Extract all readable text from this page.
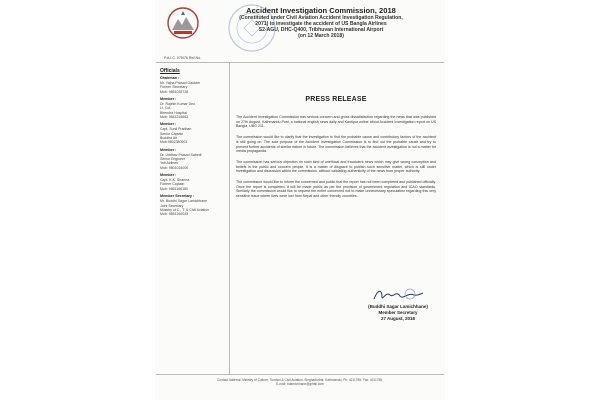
Accident Investigation Commission, 2018
(Constituted under Civil Aviation Accident Investigation Regulation,
2071) to investigate the accident of US Bangla Airlines
S2-AGU, DHC-Q400, Tribhuvan International Airport
(on 12 March 2018)
P.A.I.C. 075/76 Ref.No.
Officials
Chairman :
Mr. Yajna Prasad Gautam
Former Secretary
Mob: 9851033728
Member :
Dr. Rajesh Kumar Deo
Lt. Col.
Birendra Hospital
Mob: 9841216663
Member :
Capt. Sunil Pradhan
Senior Captain
Buddha Air
Mob.9802380901
Member :
Dr. Uddhav Prasad Sabedi
Senior Engineer
Yeti Airlines
Mob: 9801024000
Member :
Capt. K.K. Sharma
Former Captain
Mob: 9851166180
Member Secretary :
Mr. Buddhi Sagar Lamichhane
Joint Secretary
Ministry of C., T. & Civil Aviation
Mob: 9851269033
PRESS RELEASE

The Accident Investigation Commission has serious concern and gross dissatisfaction regarding the news that was published on 27th August, Kathmandu Post, a national english news daily and Kantipur online about Accident Investigation report on US Bangla, UBG 211.

The commission would like to clarify that the investigation to find the probable cause and contributory factors of the accident is still going on. The sole purpose of the Accident Investigation Commission is to find out the probable cause and try to prevent further accidents of similar nature in future. The commission believes that the accident investigation is not a matter for media propaganda.

The commission has serious objection on such kind of unethical and fraudulent news which may give wrong conception and beliefs in the public and concern people. It is a matter of disgrace to publish such sensitive matter, which is still under investigation and discussion within the commission, without validating authenticity of the news from proper authority.

The commission would like to inform the concerned and public that the report has not been completed and published officially. Once the report is completed, it will be made public as per the provision of government regulation and ICAO standards. Similarly the commission would like to request the entire concerned not to make unnecessary speculation regarding this very sensitive issue where lives were lost from Nepal and other friendly countries.

(Buddhi Sagar Lamichhane)
Member Secretary
27 August, 2018
Contact Address: Ministry of Culture, Tourism & Civil Aviation, Singhadurbar, Kathmandu, Ph: 4211785, Fax: 4211758,
E-mail: bdamichhane@gmail.com
